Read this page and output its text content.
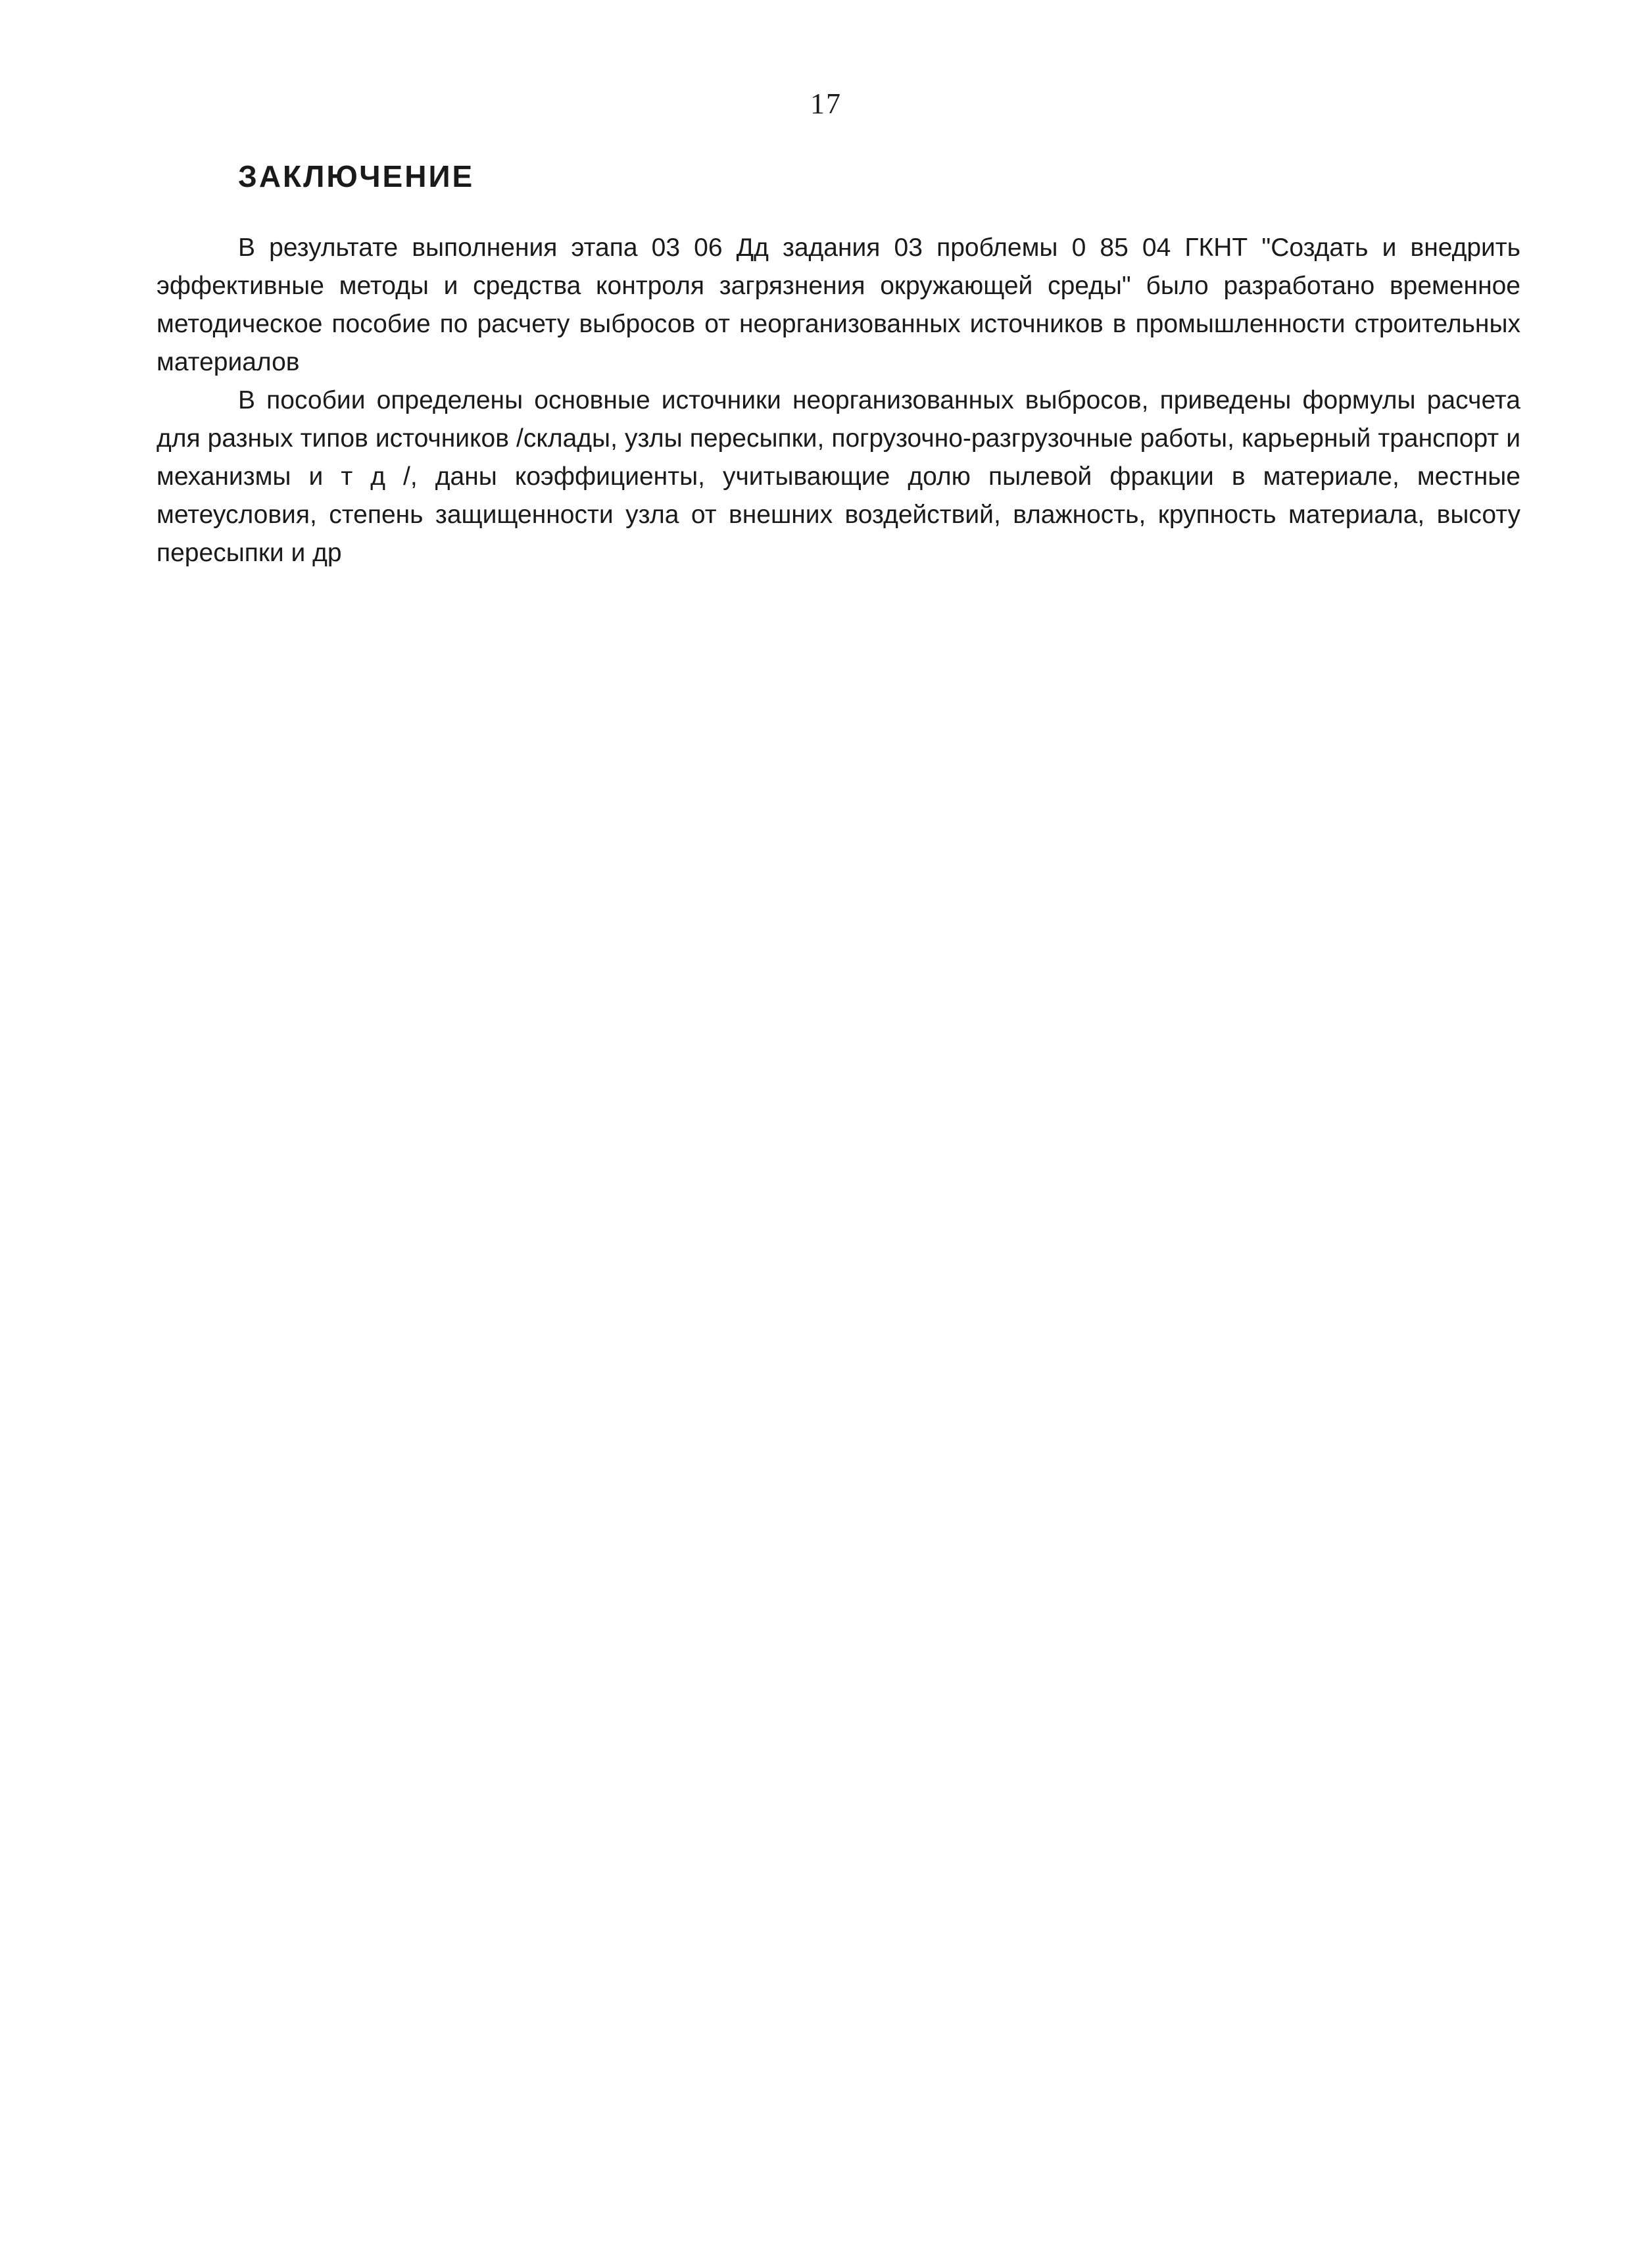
17
ЗАКЛЮЧЕНИЕ

В результате выполнения этапа 03 06 Дд задания 03 проблемы 0 85 04 ГКНТ "Создать и внедрить эффективные методы и средства контроля загрязнения окружающей среды" было разработано временное методическое пособие по расчету выбросов от неорганизованных источников в промышленности строительных материалов

В пособии определены основные источники неорганизованных выбросов, приведены формулы расчета для разных типов источников /склады, узлы пересыпки, погрузочно-разгрузочные работы, карьерный транспорт и механизмы и т д /, даны коэффициенты, учитывающие долю пылевой фракции в материале, местные метеусловия, степень защищенности узла от внешних воздействий, влажность, крупность материала, высоту пересыпки и др
